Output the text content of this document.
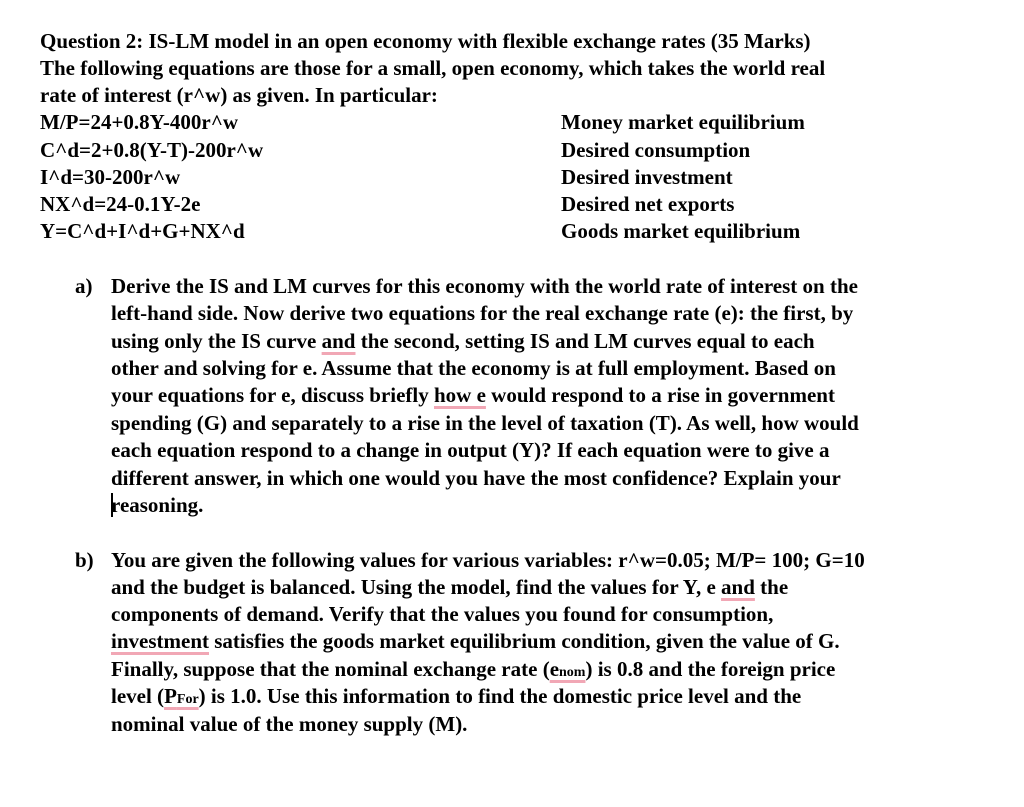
Question 2: IS-LM model in an open economy with flexible exchange rates (35 Marks)

The following equations are those for a small, open economy, which takes the world real

rate of interest (r^w) as given. In particular:

M/P=24+0.8Y-400r^w	Money market equilibrium

C^d=2+0.8(Y-T)-200r^w	Desired consumption

I^d=30-200r^w	Desired investment

NX^d=24-0.1Y-2e	Desired net exports

Y=C^d+I^d+G+NX^d	Goods market equilibrium

a) Derive the IS and LM curves for this economy with the world rate of interest on the

left-hand side. Now derive two equations for the real exchange rate (e): the first, by

using only the IS curve and the second, setting IS and LM curves equal to each

other and solving for e. Assume that the economy is at full employment. Based on

your equations for e, discuss briefly how e would respond to a rise in government

spending (G) and separately to a rise in the level of taxation (T). As well, how would

each equation respond to a change in output (Y)? If each equation were to give a

different answer, in which one would you have the most confidence? Explain your

reasoning.

b) You are given the following values for various variables: r^w=0.05; M/P= 100; G=10

and the budget is balanced. Using the model, find the values for Y, e and the

components of demand. Verify that the values you found for consumption,

investment satisfies the goods market equilibrium condition, given the value of G.

Finally, suppose that the nominal exchange rate (enom) is 0.8 and the foreign price

level (PFor) is 1.0. Use this information to find the domestic price level and the

nominal value of the money supply (M).
